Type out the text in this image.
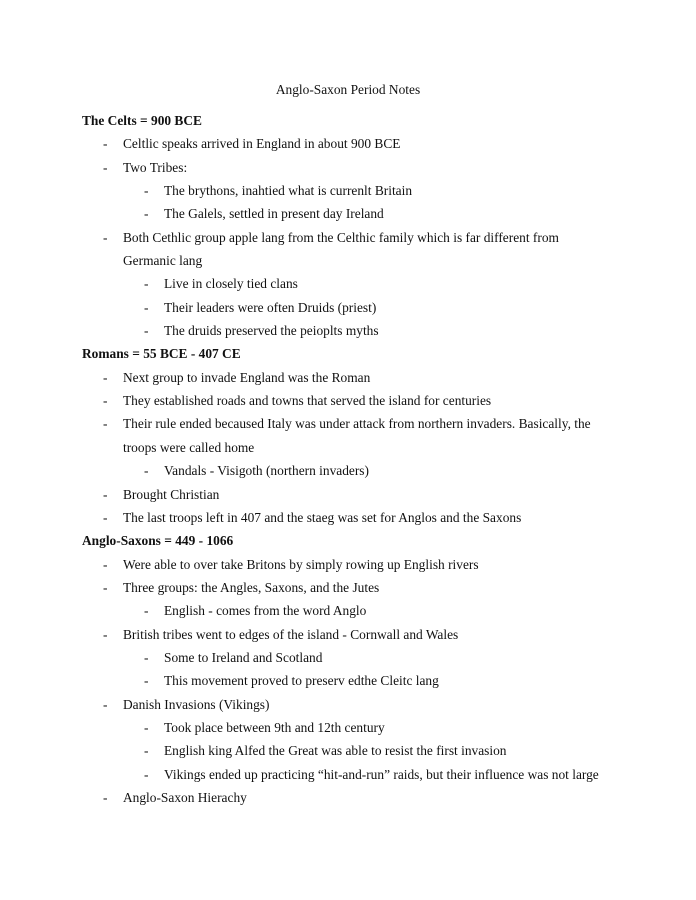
Anglo-Saxon Period Notes
The Celts = 900 BCE
- Celtlic speaks arrived in England in about 900 BCE
- Two Tribes:
- The brythons, inahtied what is currenlt Britain
- The Galels, settled in present day Ireland
- Both Cethlic group apple lang from the Celthic family which is far different from
Germanic lang
- Live in closely tied clans
- Their leaders were often Druids (priest)
- The druids preserved the peioplts myths
Romans = 55 BCE - 407 CE
- Next group to invade England was the Roman
- They established roads and towns that served the island for centuries
- Their rule ended becaused Italy was under attack from northern invaders. Basically, the
troops were called home
- Vandals - Visigoth (northern invaders)
- Brought Christian
- The last troops left in 407 and the staeg was set for Anglos and the Saxons
Anglo-Saxons = 449 - 1066
- Were able to over take Britons by simply rowing up English rivers
- Three groups: the Angles, Saxons, and the Jutes
- English - comes from the word Anglo
- British tribes went to edges of the island - Cornwall and Wales
- Some to Ireland and Scotland
- This movement proved to preserv edthe Cleitc lang
- Danish Invasions (Vikings)
- Took place between 9th and 12th century
- English king Alfed the Great was able to resist the first invasion
- Vikings ended up practicing “hit-and-run” raids, but their influence was not large
- Anglo-Saxon Hierachy
